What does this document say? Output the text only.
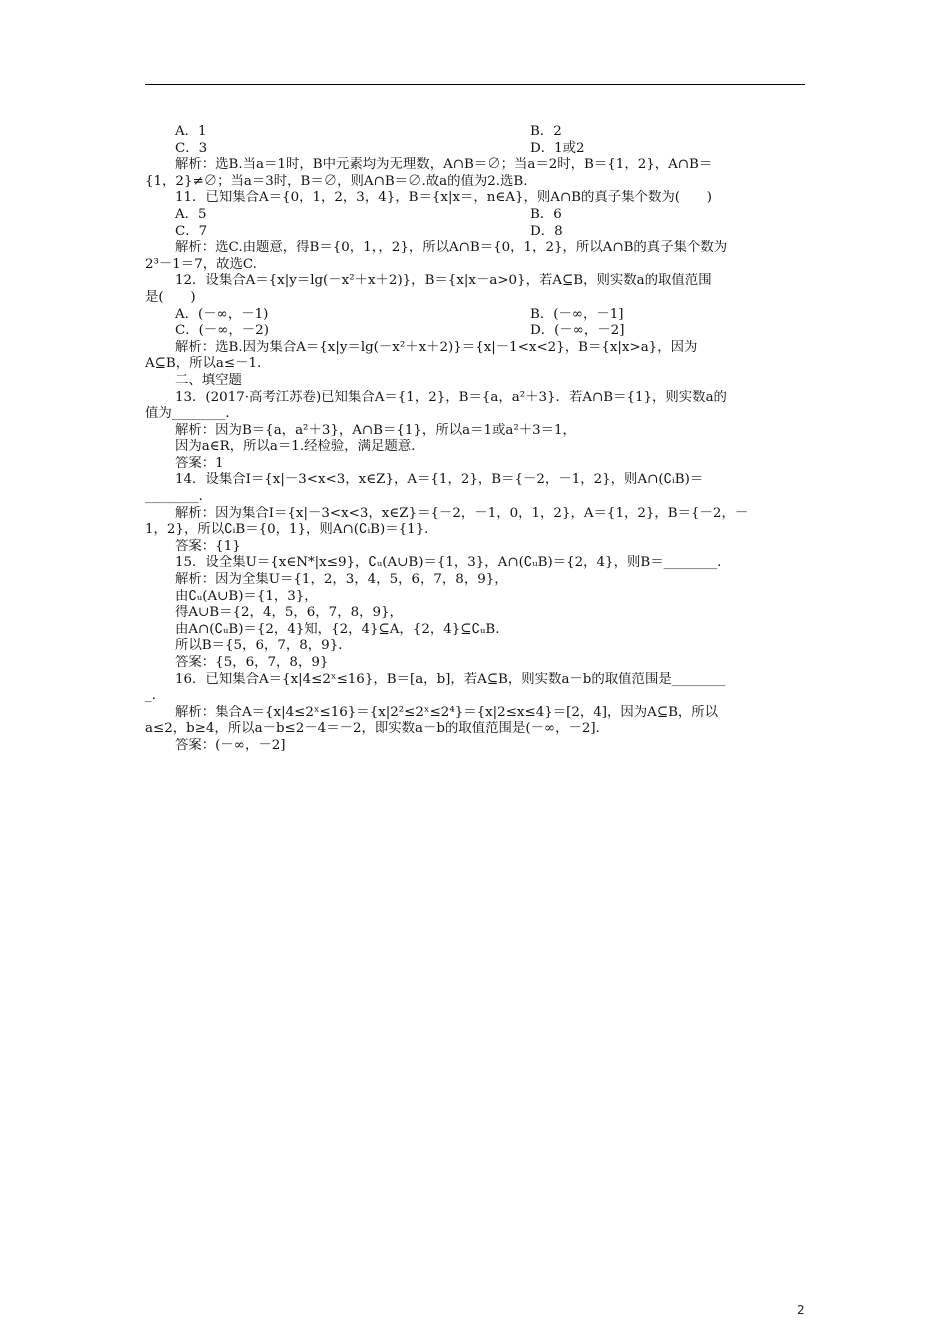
A．1	B．2
C．3	D．1或2
解析：选B.当a＝1时，B中元素均为无理数，A∩B＝∅；当a＝2时，B＝{1，2}，A∩B＝
{1，2}≠∅；当a＝3时，B＝∅，则A∩B＝∅.故a的值为2.选B.
11．已知集合A＝{0，1，2，3，4}，B＝{x|x＝，n∈A}，则A∩B的真子集个数为(　　)
A．5	B．6
C．7	D．8
解析：选C.由题意，得B＝{0，1，，2}，所以A∩B＝{0，1，2}，所以A∩B的真子集个数为
2³－1＝7，故选C.
12．设集合A＝{x|y＝lg(－x²＋x＋2)}，B＝{x|x－a>0}，若A⊆B，则实数a的取值范围
是(　　)
A．(－∞，－1)	B．(－∞，－1]
C．(－∞，－2)	D．(－∞，－2]
解析：选B.因为集合A＝{x|y＝lg(－x²＋x＋2)}＝{x|－1<x<2}，B＝{x|x>a}，因为
A⊆B，所以a≤－1.
二、填空题
13．(2017·高考江苏卷)已知集合A＝{1，2}，B＝{a，a²＋3}．若A∩B＝{1}，则实数a的
值为________．
解析：因为B＝{a，a²＋3}，A∩B＝{1}，所以a＝1或a²＋3＝1，
因为a∈R，所以a＝1.经检验，满足题意．
答案：1
14．设集合I＝{x|－3<x<3，x∈Z}，A＝{1，2}，B＝{－2，－1，2}，则A∩(∁ᵢB)＝
________．
解析：因为集合I＝{x|－3<x<3，x∈Z}＝{－2，－1，0，1，2}，A＝{1，2}，B＝{－2，－
1，2}，所以∁ᵢB＝{0，1}，则A∩(∁ᵢB)＝{1}．
答案：{1}
15．设全集U＝{x∈N*|x≤9}，∁ᵤ(A∪B)＝{1，3}，A∩(∁ᵤB)＝{2，4}，则B＝________．
解析：因为全集U＝{1，2，3，4，5，6，7，8，9}，
由∁ᵤ(A∪B)＝{1，3}，
得A∪B＝{2，4，5，6，7，8，9}，
由A∩(∁ᵤB)＝{2，4}知，{2，4}⊆A，{2，4}⊆∁ᵤB.
所以B＝{5，6，7，8，9}．
答案：{5，6，7，8，9}
16．已知集合A＝{x|4≤2ˣ≤16}，B＝[a，b]，若A⊆B，则实数a－b的取值范围是________
_．
解析：集合A＝{x|4≤2ˣ≤16}＝{x|2²≤2ˣ≤2⁴}＝{x|2≤x≤4}＝[2，4]，因为A⊆B，所以
a≤2，b≥4，所以a－b≤2－4＝－2，即实数a－b的取值范围是(－∞，－2]．
答案：(－∞，－2]
2
